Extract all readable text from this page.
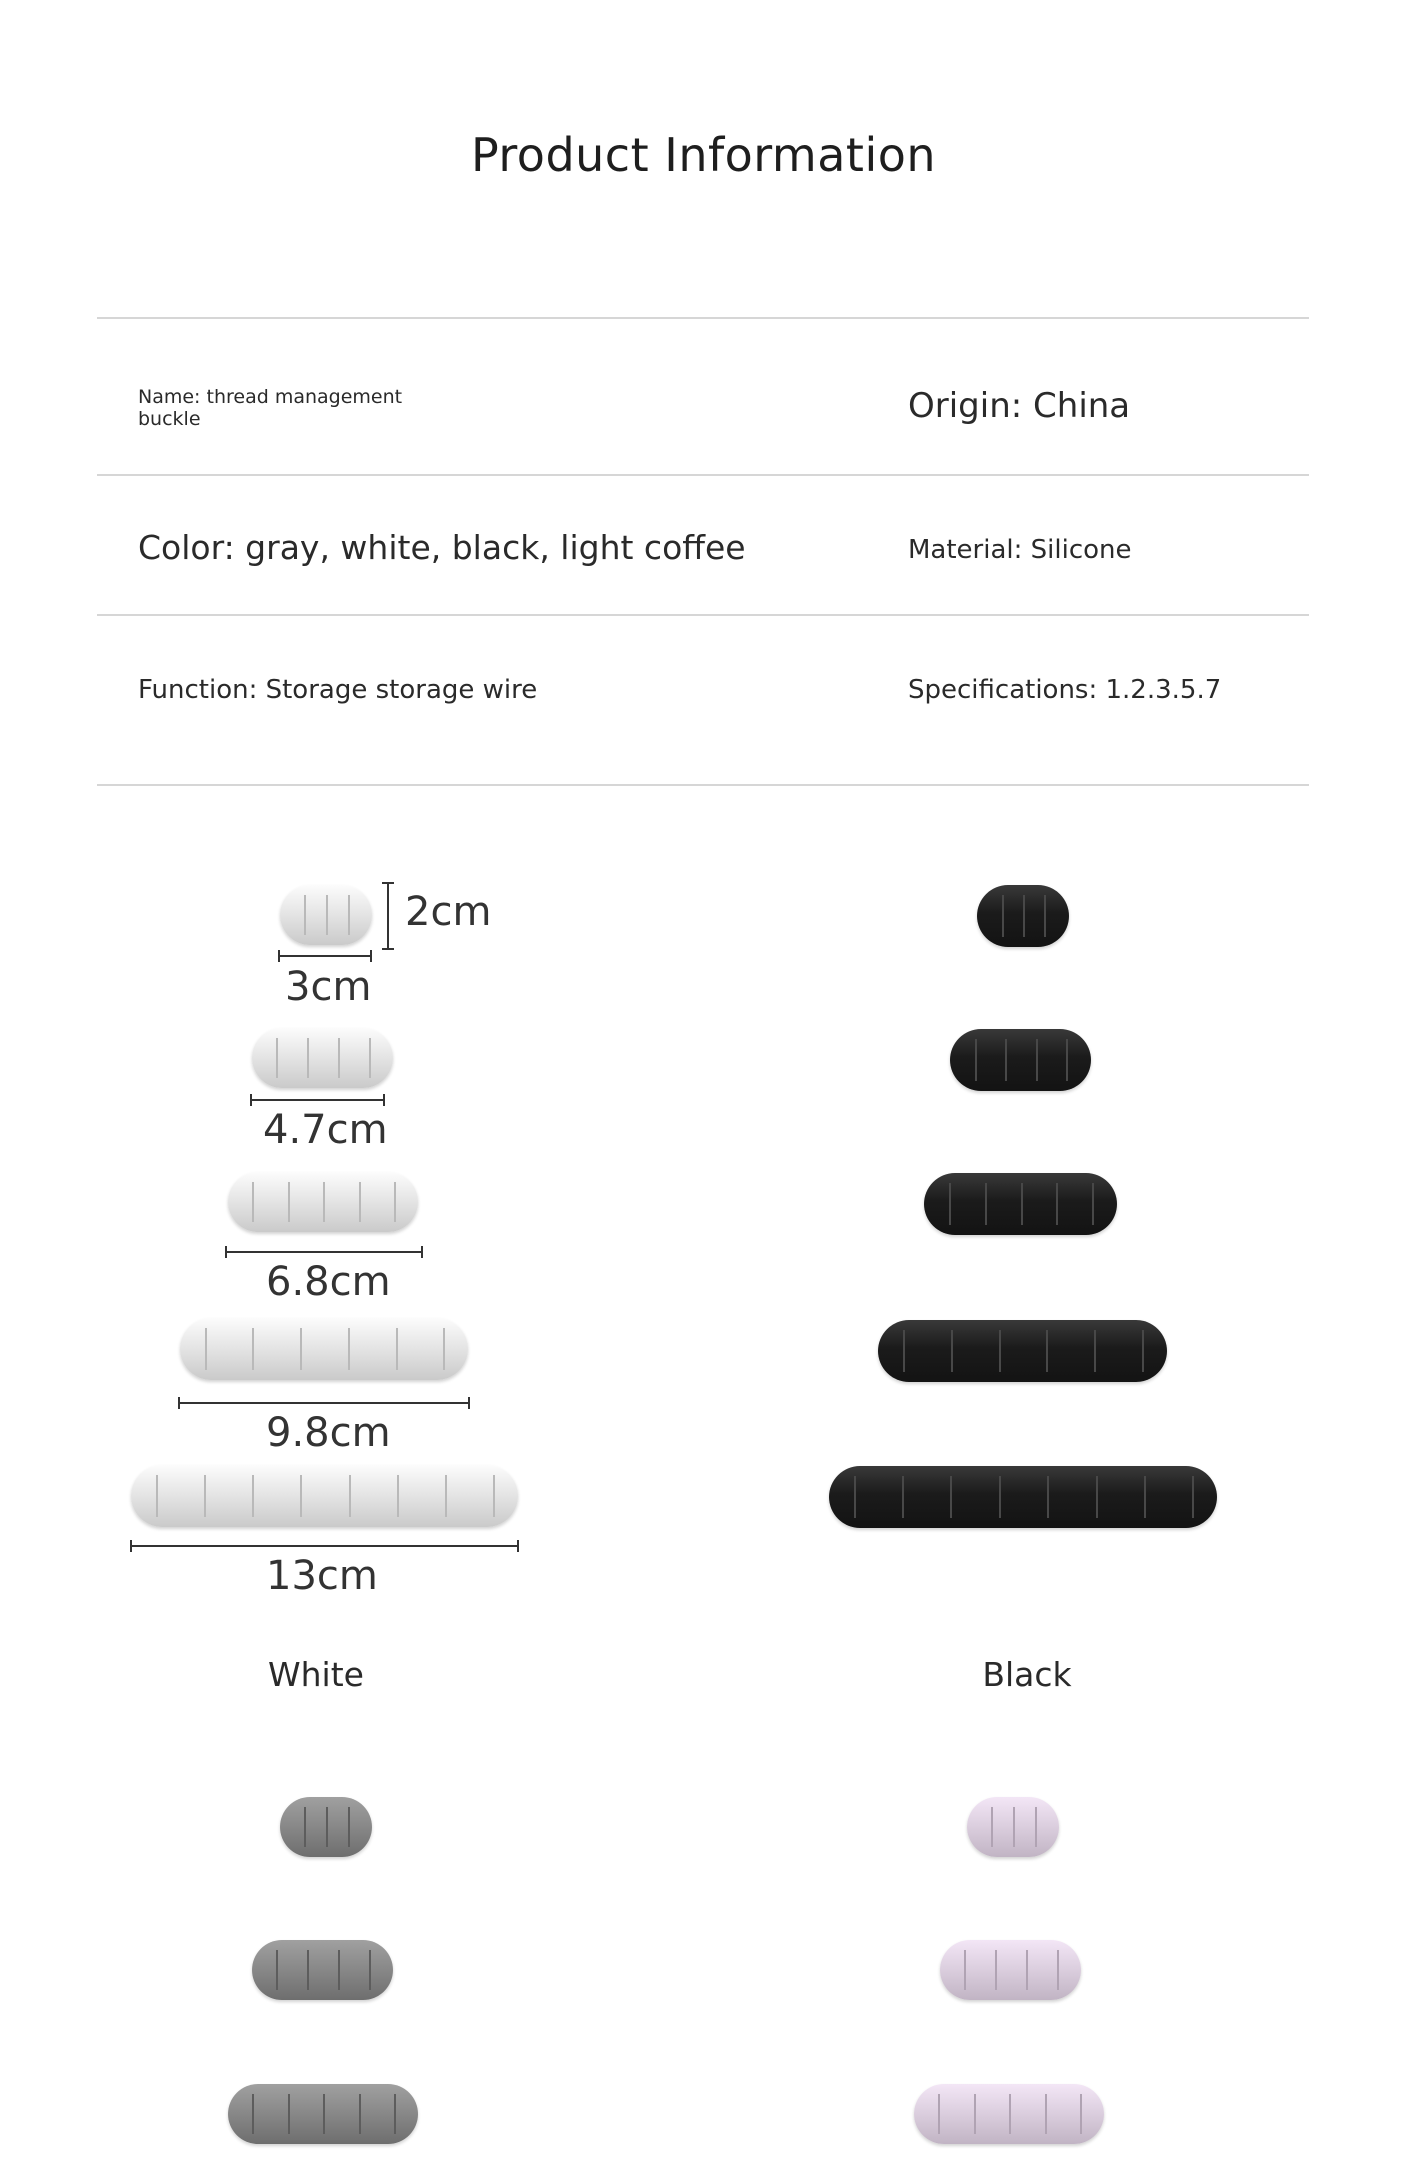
Product Information
Name: thread management buckle	Origin: China
Color: gray, white, black, light coffee	Material: Silicone
Function: Storage storage wire	Specifications: 1.2.3.5.7
2cm
3cm
4.7cm
6.8cm
9.8cm
13cm
White	Black
